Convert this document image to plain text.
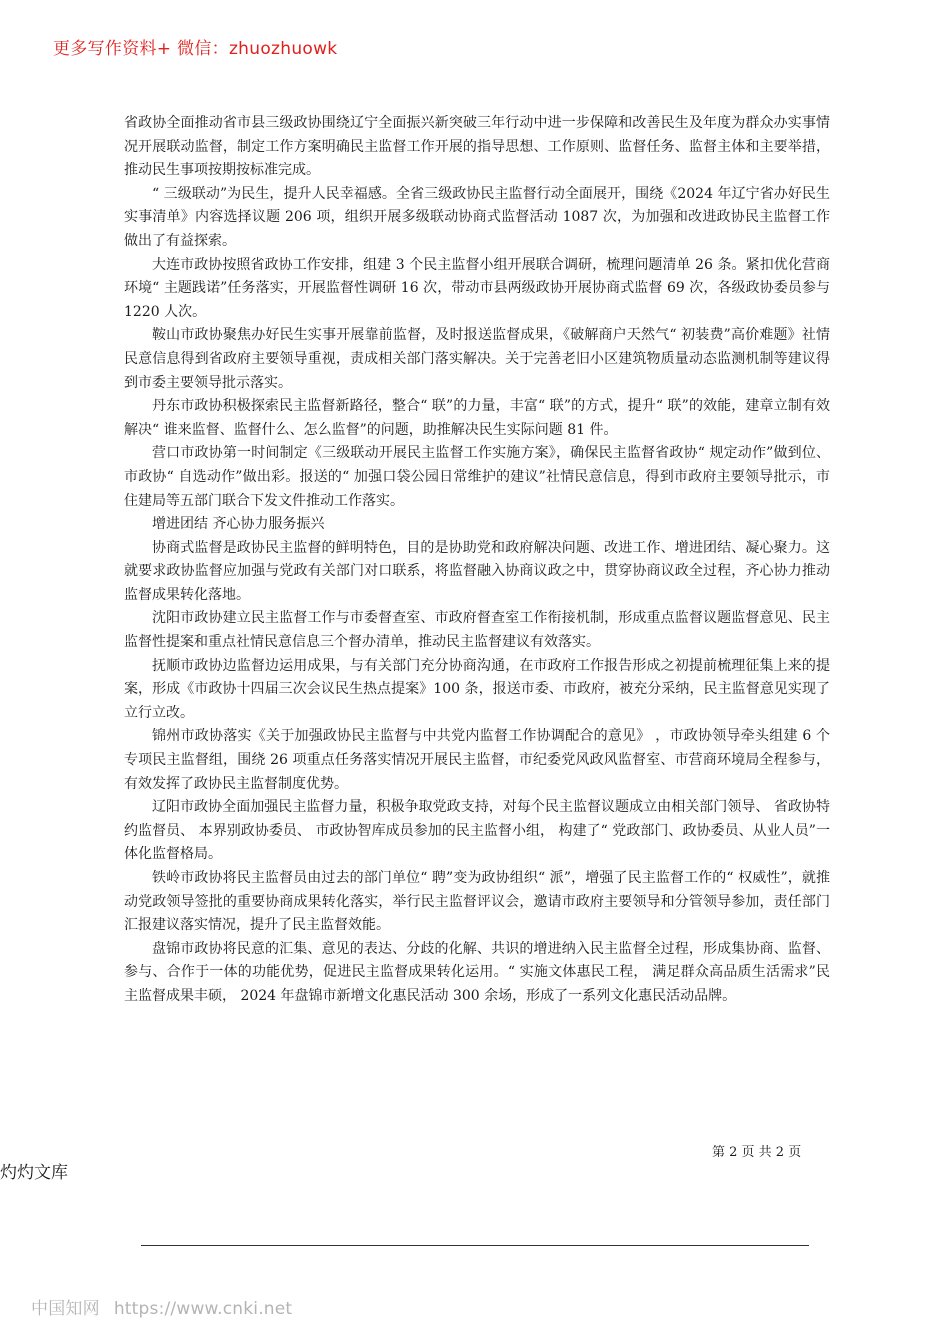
更多写作资料+ 微信：zhuozhuowk

省政协全面推动省市县三级政协围绕辽宁全面振兴新突破三年行动中进一步保障和改善民生及年度为群众办实事情况开展联动监督，制定工作方案明确民主监督工作开展的指导思想、工作原则、监督任务、监督主体和主要举措，推动民生事项按期按标准完成。

“ 三级联动”为民生，提升人民幸福感。全省三级政协民主监督行动全面展开，围绕《2024 年辽宁省办好民生实事清单》内容选择议题 206 项，组织开展多级联动协商式监督活动 1087 次，为加强和改进政协民主监督工作做出了有益探索。

大连市政协按照省政协工作安排，组建 3 个民主监督小组开展联合调研，梳理问题清单 26 条。紧扣优化营商环境“ 主题践诺”任务落实，开展监督性调研 16 次，带动市县两级政协开展协商式监督 69 次，各级政协委员参与 1220 人次。

鞍山市政协聚焦办好民生实事开展靠前监督，及时报送监督成果，《破解商户天然气“ 初装费”高价难题》社情民意信息得到省政府主要领导重视，责成相关部门落实解决。关于完善老旧小区建筑物质量动态监测机制等建议得到市委主要领导批示落实。

丹东市政协积极探索民主监督新路径，整合“ 联”的力量，丰富“ 联”的方式，提升“ 联”的效能，建章立制有效解决“ 谁来监督、监督什么、怎么监督”的问题，助推解决民生实际问题 81 件。

营口市政协第一时间制定《三级联动开展民主监督工作实施方案》，确保民主监督省政协“ 规定动作”做到位、市政协“ 自选动作”做出彩。报送的“ 加强口袋公园日常维护的建议”社情民意信息，得到市政府主要领导批示，市住建局等五部门联合下发文件推动工作落实。

增进团结 齐心协力服务振兴

协商式监督是政协民主监督的鲜明特色，目的是协助党和政府解决问题、改进工作、增进团结、凝心聚力。这就要求政协监督应加强与党政有关部门对口联系，将监督融入协商议政之中，贯穿协商议政全过程，齐心协力推动监督成果转化落地。

沈阳市政协建立民主监督工作与市委督查室、市政府督查室工作衔接机制，形成重点监督议题监督意见、民主监督性提案和重点社情民意信息三个督办清单，推动民主监督建议有效落实。

抚顺市政协边监督边运用成果，与有关部门充分协商沟通，在市政府工作报告形成之初提前梳理征集上来的提案，形成《市政协十四届三次会议民生热点提案》100 条，报送市委、市政府，被充分采纳，民主监督意见实现了立行立改。

锦州市政协落实《关于加强政协民主监督与中共党内监督工作协调配合的意见》 ，市政协领导牵头组建 6 个专项民主监督组，围绕 26 项重点任务落实情况开展民主监督，市纪委党风政风监督室、市营商环境局全程参与，有效发挥了政协民主监督制度优势。

辽阳市政协全面加强民主监督力量，积极争取党政支持，对每个民主监督议题成立由相关部门领导、 省政协特约监督员、 本界别政协委员、 市政协智库成员参加的民主监督小组， 构建了“ 党政部门、政协委员、从业人员”一体化监督格局。

铁岭市政协将民主监督员由过去的部门单位“ 聘”变为政协组织“ 派”，增强了民主监督工作的“ 权威性”，就推动党政领导签批的重要协商成果转化落实，举行民主监督评议会，邀请市政府主要领导和分管领导参加，责任部门汇报建议落实情况，提升了民主监督效能。

盘锦市政协将民意的汇集、意见的表达、分歧的化解、共识的增进纳入民主监督全过程，形成集协商、监督、参与、合作于一体的功能优势，促进民主监督成果转化运用。“ 实施文体惠民工程， 满足群众高品质生活需求”民主监督成果丰硕， 2024 年盘锦市新增文化惠民活动 300 余场，形成了一系列文化惠民活动品牌。

第 2 页 共 2 页
灼灼文库
中国知网 https://www.cnki.net
